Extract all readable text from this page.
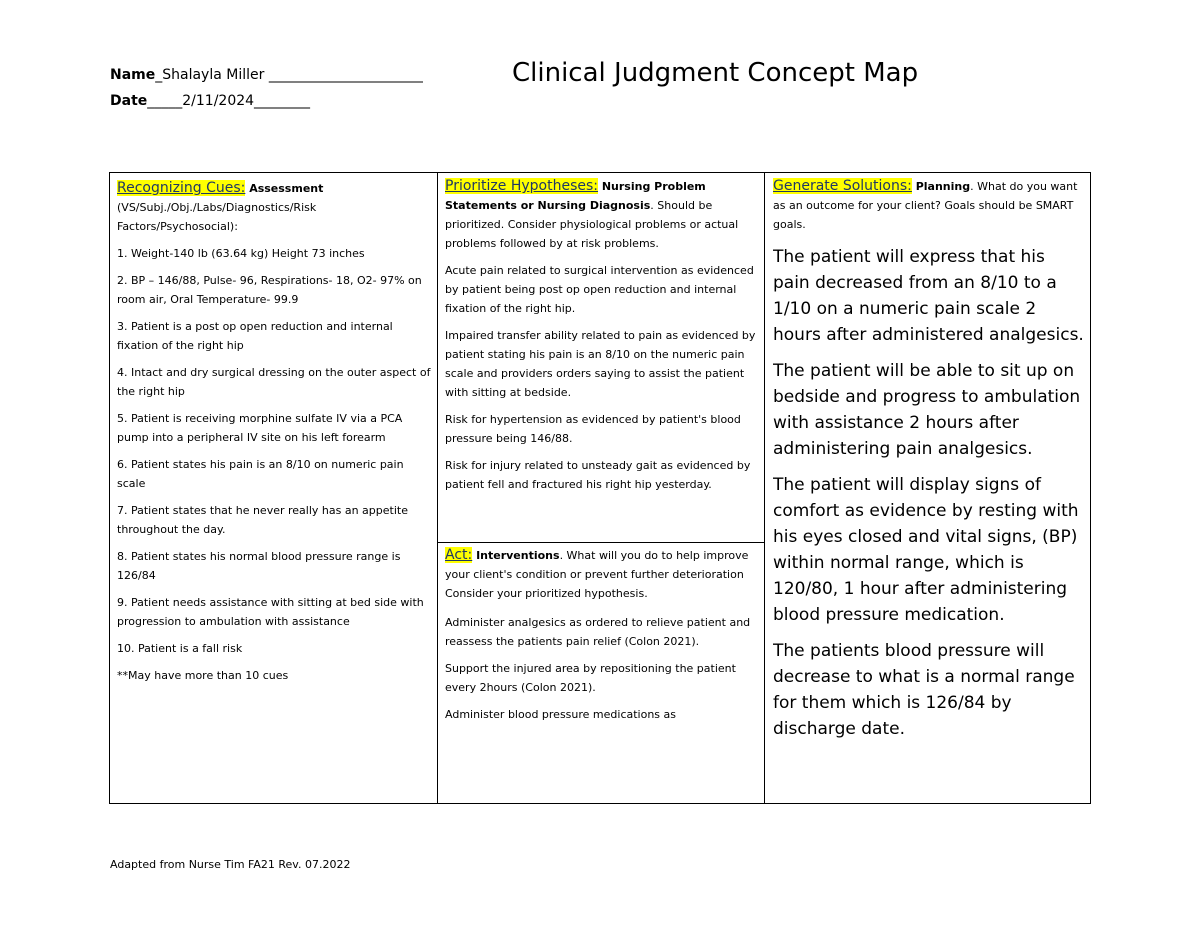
Name_Shalayla Miller ______________________
Date_____2/11/2024________
Clinical Judgment Concept Map
Recognizing Cues: Assessment
(VS/Subj./Obj./Labs/Diagnostics/Risk Factors/Psychosocial):
1. Weight-140 lb (63.64 kg) Height 73 inches
2. BP – 146/88, Pulse- 96, Respirations- 18, O2- 97% on room air, Oral Temperature- 99.9
3. Patient is a post op open reduction and internal fixation of the right hip
4. Intact and dry surgical dressing on the outer aspect of the right hip
5. Patient is receiving morphine sulfate IV via a PCA pump into a peripheral IV site on his left forearm
6. Patient states his pain is an 8/10 on numeric pain scale
7. Patient states that he never really has an appetite throughout the day.
8. Patient states his normal blood pressure range is 126/84
9. Patient needs assistance with sitting at bed side with progression to ambulation with assistance
10. Patient is a fall risk
**May have more than 10 cues
Prioritize Hypotheses: Nursing Problem Statements or Nursing Diagnosis. Should be prioritized. Consider physiological problems or actual problems followed by at risk problems.
Acute pain related to surgical intervention as evidenced by patient being post op open reduction and internal fixation of the right hip.
Impaired transfer ability related to pain as evidenced by patient stating his pain is an 8/10 on the numeric pain scale and providers orders saying to assist the patient with sitting at bedside.
Risk for hypertension as evidenced by patient's blood pressure being 146/88.
Risk for injury related to unsteady gait as evidenced by patient fell and fractured his right hip yesterday.
Generate Solutions: Planning. What do you want as an outcome for your client? Goals should be SMART goals.
The patient will express that his pain decreased from an 8/10 to a 1/10 on a numeric pain scale 2 hours after administered analgesics.
The patient will be able to sit up on bedside and progress to ambulation with assistance 2 hours after administering pain analgesics.
The patient will display signs of comfort as evidence by resting with his eyes closed and vital signs, (BP) within normal range, which is 120/80, 1 hour after administering blood pressure medication.
The patients blood pressure will decrease to what is a normal range for them which is 126/84 by discharge date.
Act: Interventions. What will you do to help improve your client's condition or prevent further deterioration Consider your prioritized hypothesis.
Administer analgesics as ordered to relieve patient and reassess the patients pain relief (Colon 2021).
Support the injured area by repositioning the patient every 2hours (Colon 2021).
Administer blood pressure medications as
Adapted from Nurse Tim FA21 Rev. 07.2022
